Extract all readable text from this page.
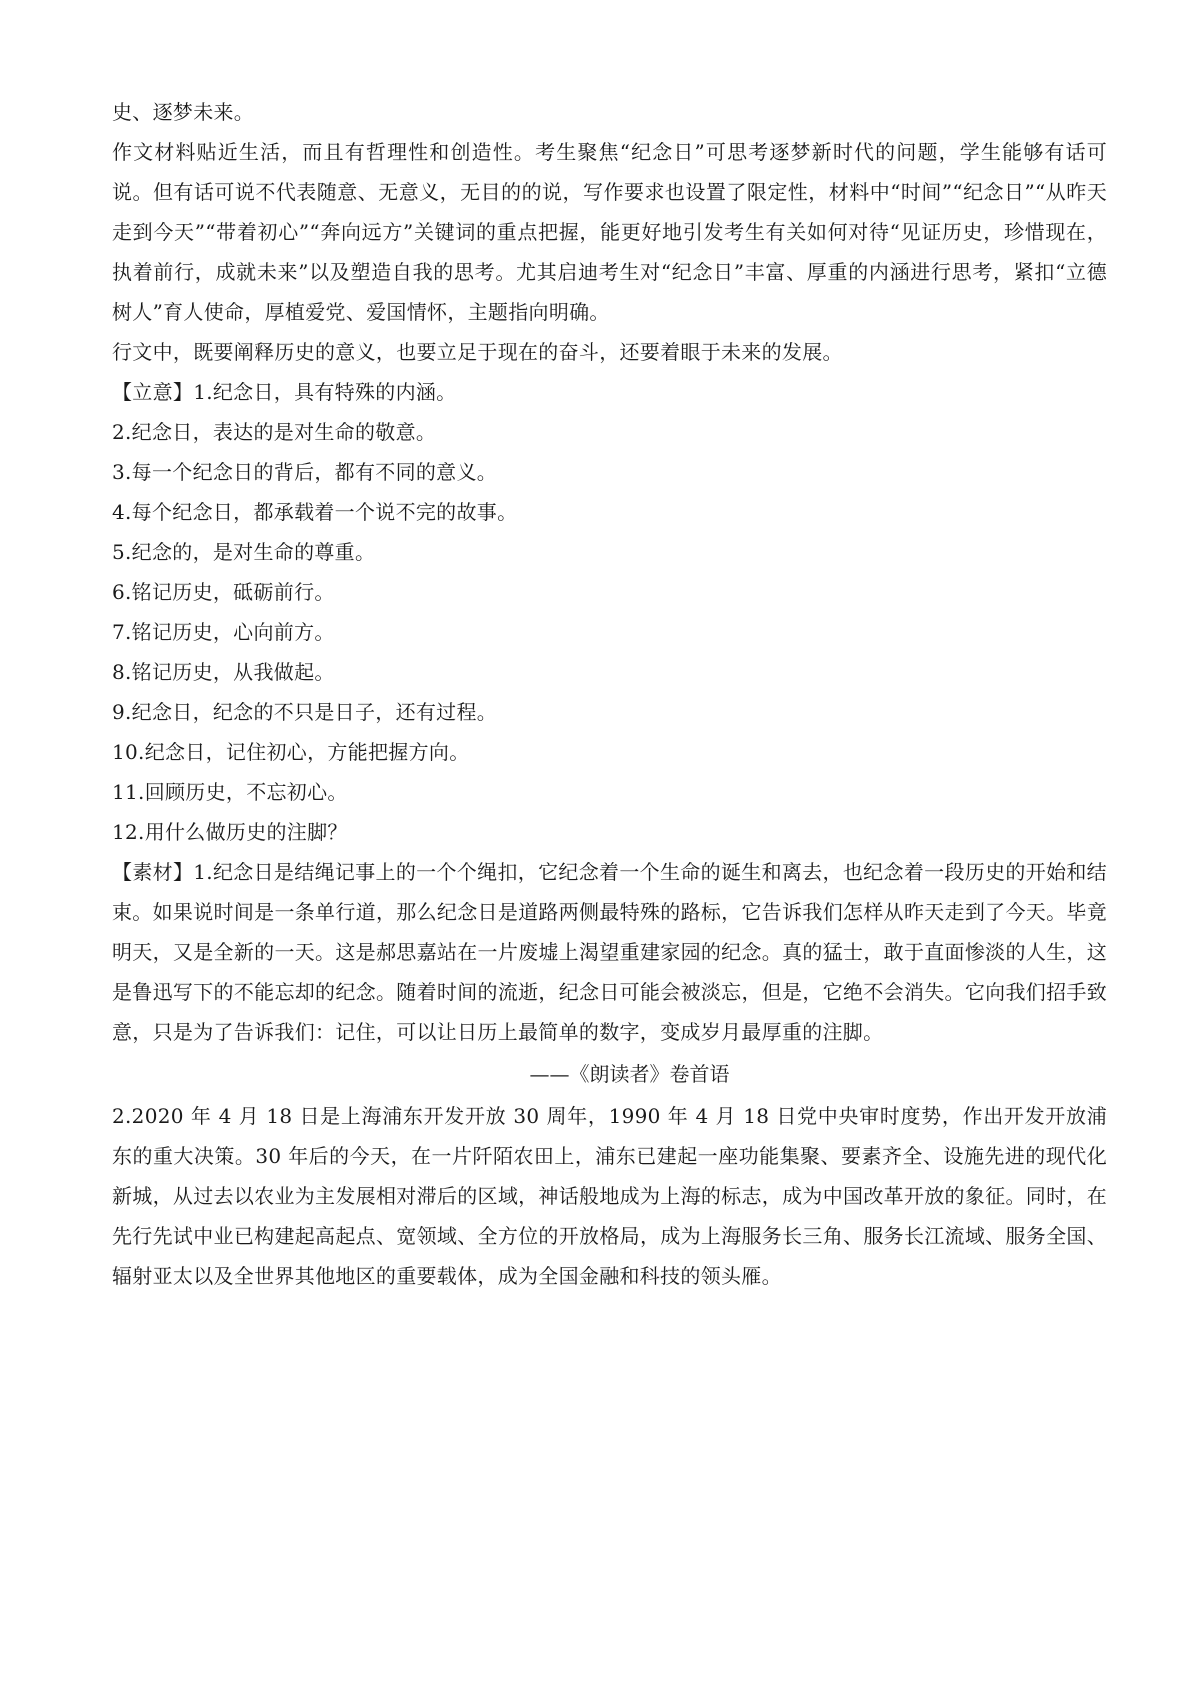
史、逐梦未来。

作文材料贴近生活，而且有哲理性和创造性。考生聚焦“纪念日”可思考逐梦新时代的问题，学生能够有话可说。但有话可说不代表随意、无意义，无目的的说，写作要求也设置了限定性，材料中“时间”“纪念日”“从昨天走到今天”“带着初心”“奔向远方”关键词的重点把握，能更好地引发考生有关如何对待“见证历史，珍惜现在，执着前行，成就未来”以及塑造自我的思考。尤其启迪考生对“纪念日”丰富、厚重的内涵进行思考，紧扣“立德树人”育人使命，厚植爱党、爱国情怀，主题指向明确。

行文中，既要阐释历史的意义，也要立足于现在的奋斗，还要着眼于未来的发展。

【立意】1.纪念日，具有特殊的内涵。

2.纪念日，表达的是对生命的敬意。

3.每一个纪念日的背后，都有不同的意义。

4.每个纪念日，都承载着一个说不完的故事。

5.纪念的，是对生命的尊重。

6.铭记历史，砥砺前行。

7.铭记历史，心向前方。

8.铭记历史，从我做起。

9.纪念日，纪念的不只是日子，还有过程。

10.纪念日，记住初心，方能把握方向。

11.回顾历史，不忘初心。

12.用什么做历史的注脚？

【素材】1.纪念日是结绳记事上的一个个绳扣，它纪念着一个生命的诞生和离去，也纪念着一段历史的开始和结束。如果说时间是一条单行道，那么纪念日是道路两侧最特殊的路标，它告诉我们怎样从昨天走到了今天。毕竟明天，又是全新的一天。这是郝思嘉站在一片废墟上渴望重建家园的纪念。真的猛士，敢于直面惨淡的人生，这是鲁迅写下的不能忘却的纪念。随着时间的流逝，纪念日可能会被淡忘，但是，它绝不会消失。它向我们招手致意，只是为了告诉我们：记住，可以让日历上最简单的数字，变成岁月最厚重的注脚。

——《朗读者》卷首语

2.2020 年 4 月 18 日是上海浦东开发开放 30 周年，1990 年 4 月 18 日党中央审时度势，作出开发开放浦东的重大决策。30 年后的今天，在一片阡陌农田上，浦东已建起一座功能集聚、要素齐全、设施先进的现代化新城，从过去以农业为主发展相对滞后的区域，神话般地成为上海的标志，成为中国改革开放的象征。同时，在先行先试中业已构建起高起点、宽领域、全方位的开放格局，成为上海服务长三角、服务长江流域、服务全国、辐射亚太以及全世界其他地区的重要载体，成为全国金融和科技的领头雁。
